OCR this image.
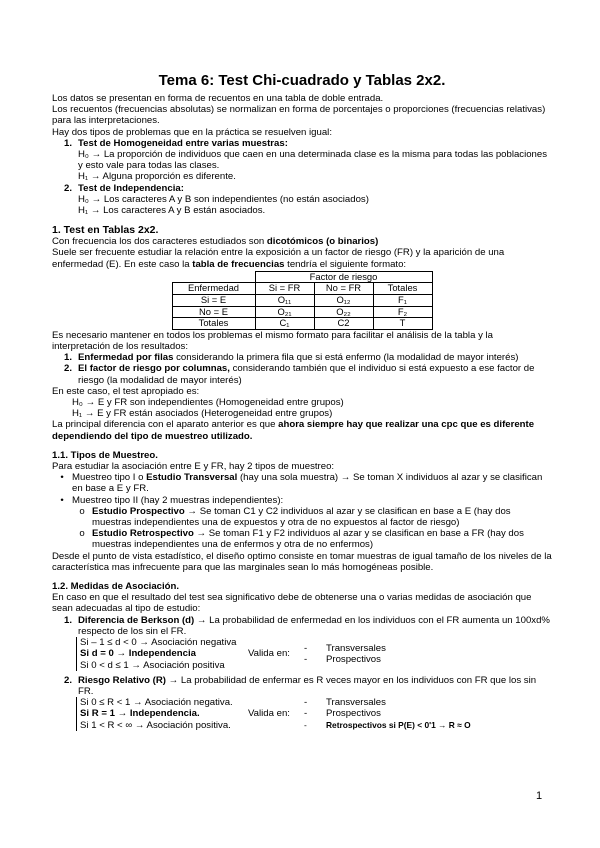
Tema 6: Test Chi-cuadrado y Tablas 2x2.

Los datos se presentan en forma de recuentos en una tabla de doble entrada.

Los recuentos (frecuencias absolutas) se normalizan en forma de porcentajes o proporciones (frecuencias relativas) para las interpretaciones.

Hay dos tipos de problemas que en la práctica se resuelven igual:

1. Test de Homogeneidad entre varias muestras:
H₀ → La proporción de individuos que caen en una determinada clase es la misma para todas las poblaciones y esto vale para todas las clases.
H₁ → Alguna proporción es diferente.
2. Test de Independencia:
H₀ → Los caracteres A y B son independientes (no están asociados)
H₁ → Los caracteres A y B están asociados.
1. Test en Tablas 2x2.

Con frecuencia los dos caracteres estudiados son dicotómicos (o binarios)

Suele ser frecuente estudiar la relación entre la exposición a un factor de riesgo (FR) y la aparición de una enfermedad (E). En este caso la tabla de frecuencias tendría el siguiente formato:

	Factor de riesgo		
Enfermedad	Si = FR	No = FR	Totales
Si = E	O₁₁	O₁₂	F₁
No = E	O₂₁	O₂₂	F₂
Totales	C₁	C2	T

Es necesario mantener en todos los problemas el mismo formato para facilitar el análisis de la tabla y la interpretación de los resultados:

1. Enfermedad por filas considerando la primera fila que si está enfermo (la modalidad de mayor interés)
2. El factor de riesgo por columnas, considerando también que el individuo si está expuesto a ese factor de riesgo (la modalidad de mayor interés)

En este caso, el test apropiado es:

H₀ → E y FR son independientes (Homogeneidad entre grupos)

H₁ → E y FR están asociados (Heterogeneidad entre grupos)

La principal diferencia con el aparato anterior es que ahora siempre hay que realizar una cpc que es diferente dependiendo del tipo de muestreo utilizado.

1.1. Tipos de Muestreo.

Para estudiar la asociación entre E y FR, hay 2 tipos de muestreo:

• Muestreo tipo I o Estudio Transversal (hay una sola muestra) → Se toman X individuos al azar y se clasifican en base a E y FR.
• Muestreo tipo II (hay 2 muestras independientes):
o Estudio Prospectivo → Se toman C1 y C2 individuos al azar y se clasifican en base a E (hay dos muestras independientes una de expuestos y otra de no expuestos al factor de riesgo)
o Estudio Retrospectivo → Se toman F1 y F2 individuos al azar y se clasifican en base a FR (hay dos muestras independientes una de enfermos y otra de no enfermos)

Desde el punto de vista estadístico, el diseño optimo consiste en tomar muestras de igual tamaño de los niveles de la característica mas infrecuente para que las marginales sean lo más homogéneas posible.

1.2. Medidas de Asociación.

En caso en que el resultado del test sea significativo debe de obtenerse una o varias medidas de asociación que sean adecuadas al tipo de estudio:

1. Diferencia de Berkson (d) → La probabilidad de enfermedad en los individuos con el FR aumenta un 100xd% respecto de los sin el FR.
Si – 1 ≤ d < 0 → Asociación negativa
Si d = 0 → Independencia
Si 0 < d ≤ 1 → Asociación positiva
Valida en:
-	Transversales
-	Prospectivos
2. Riesgo Relativo (R) → La probabilidad de enfermar es R veces mayor en los individuos con FR que los sin FR.
Si 0 ≤ R < 1 → Asociación negativa.
Si R = 1 → Independencia.
Si 1 < R < ∞ → Asociación positiva.
Valida en:
-	Transversales
-	Prospectivos
-	Retrospectivos si P(E) < 0'1 → R ≈ O
1
